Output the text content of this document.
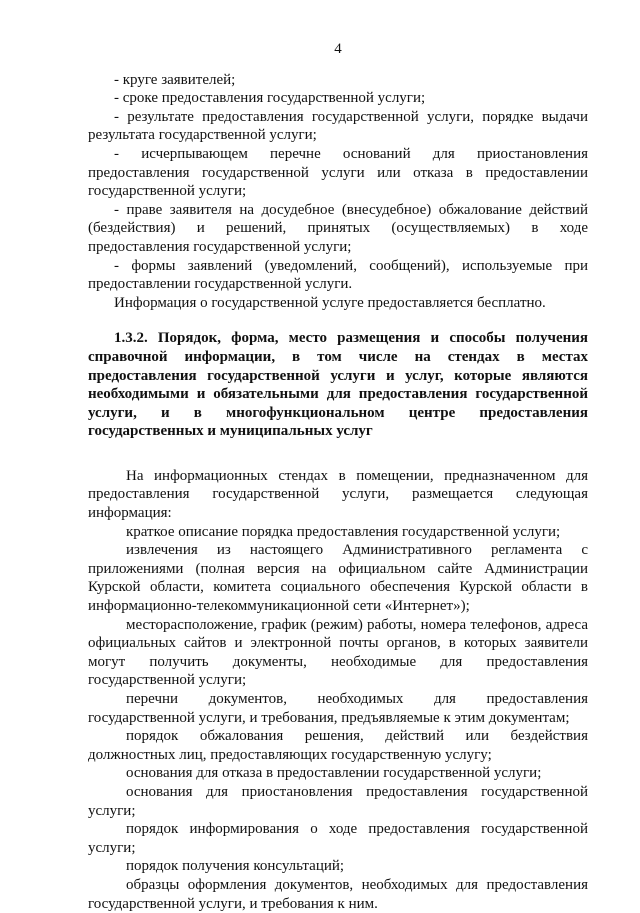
4

- круге заявителей;

- сроке предоставления государственной услуги;

- результате предоставления государственной услуги, порядке выдачи результата государственной услуги;

- исчерпывающем перечне оснований для приостановления предоставления государственной услуги или отказа в предоставлении государственной услуги;

- праве заявителя на досудебное (внесудебное) обжалование действий (бездействия) и решений, принятых (осуществляемых) в ходе предоставления государственной услуги;

- формы заявлений (уведомлений, сообщений), используемые при предоставлении государственной услуги.

Информация о государственной услуге предоставляется бесплатно.

1.3.2. Порядок, форма, место размещения и способы получения справочной информации, в том числе на стендах в местах предоставления государственной услуги и услуг, которые являются необходимыми и обязательными для предоставления государственной услуги, и в многофункциональном центре предоставления государственных и муниципальных услуг

На информационных стендах в помещении, предназначенном для предоставления государственной услуги, размещается следующая информация:

краткое описание порядка предоставления государственной услуги;

извлечения из настоящего Административного регламента с приложениями (полная версия на официальном сайте Администрации Курской области, комитета социального обеспечения Курской области в информационно-телекоммуникационной сети «Интернет»);

месторасположение, график (режим) работы, номера телефонов, адреса официальных сайтов и электронной почты органов, в которых заявители могут получить документы, необходимые для предоставления государственной услуги;

перечни документов, необходимых для предоставления государственной услуги, и требования, предъявляемые к этим документам;

порядок обжалования решения, действий или бездействия должностных лиц, предоставляющих государственную услугу;

основания для отказа в предоставлении государственной услуги;

основания для приостановления предоставления государственной услуги;

порядок информирования о ходе предоставления государственной услуги;

порядок получения консультаций;

образцы оформления документов, необходимых для предоставления государственной услуги, и требования к ним.
